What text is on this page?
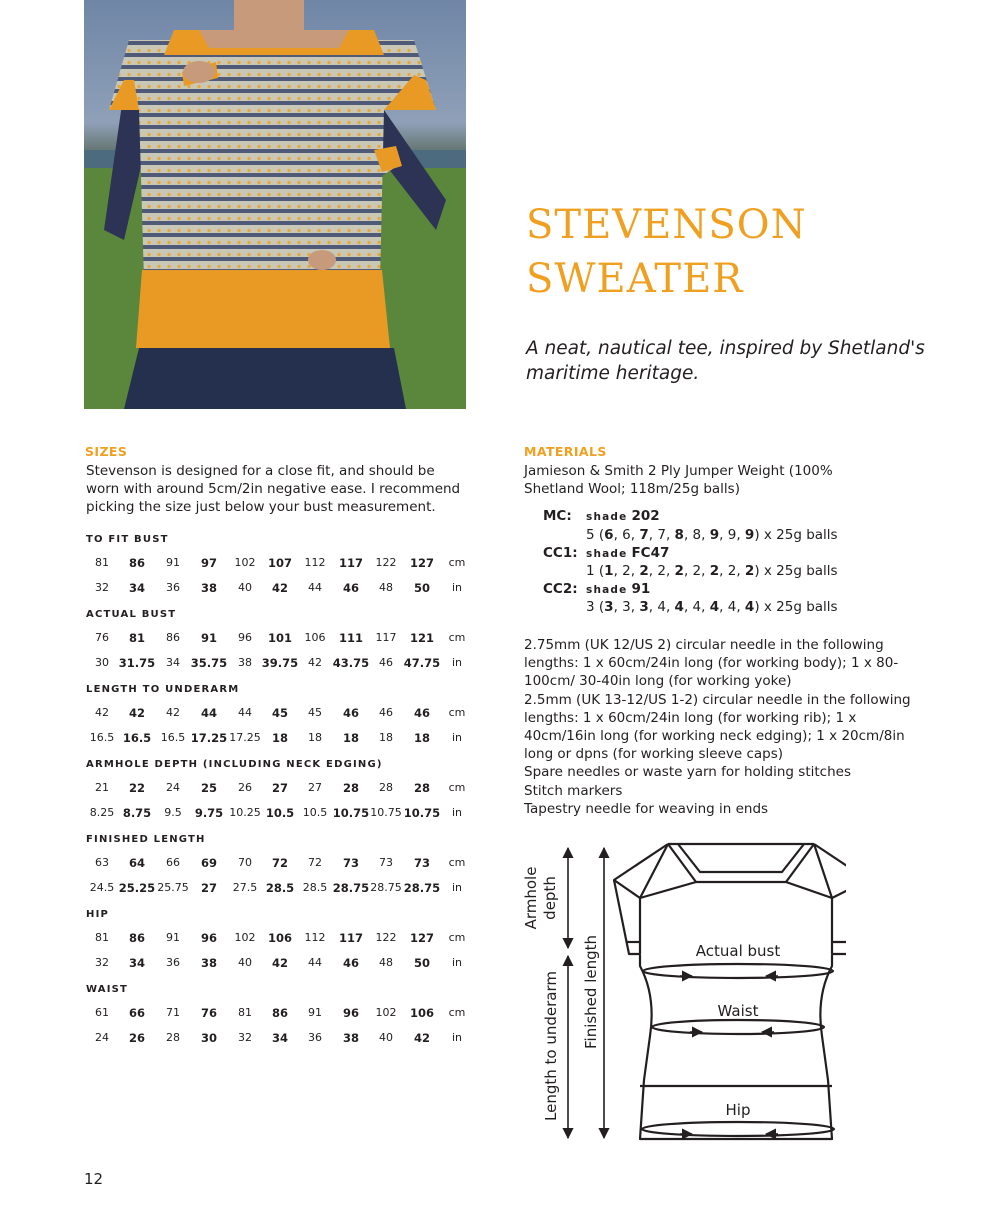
STEVENSON
SWEATER

A neat, nautical tee, inspired by Shetland's maritime heritage.

SIZES

Stevenson is designed for a close fit, and should be worn with around 5cm/2in negative ease. I recommend picking the size just below your bust measurement.

TO FIT BUST
81	86	91	97	102	107	112	117	122	127	cm
32	34	36	38	40	42	44	46	48	50	in
ACTUAL BUST
76	81	86	91	96	101	106	111	117	121	cm
30 31.75 34 35.75 38 39.75 42 43.75 46 47.75	in
LENGTH TO UNDERARM
42	42	42	44	44	45	45	46	46	46	cm
16.5 16.5 16.5 17.25 17.25 18	18	18	18	18	in
ARMHOLE DEPTH (INCLUDING NECK EDGING)
21	22	24	25	26	27	27	28	28	28	cm
8.25 8.75	9.5	9.75 10.25 10.5 10.5 10.75 10.75 10.75	in
FINISHED LENGTH
63	64	66	69	70	72	72	73	73	73	cm
24.5 25.25 25.75	27	27.5 28.5 28.5 28.75 28.75 28.75	in
HIP
81	86	91	96	102	106	112	117	122	127	cm
32	34	36	38	40	42	44	46	48	50	in
WAIST
61	66	71	76	81	86	91	96	102	106	cm
24	26	28	30	32	34	36	38	40	42	in
MATERIALS

Jamieson & Smith 2 Ply Jumper Weight (100% Shetland Wool; 118m/25g balls)

MC: shade 202
5 (6, 6, 7, 7, 8, 8, 9, 9, 9) x 25g balls
CC1: shade FC47
1 (1, 2, 2, 2, 2, 2, 2, 2, 2) x 25g balls
CC2: shade 91
3 (3, 3, 3, 4, 4, 4, 4, 4, 4) x 25g balls
2.75mm (UK 12/US 2) circular needle in the following lengths: 1 x 60cm/24in long (for working body); 1 x 80-100cm/ 30-40in long (for working yoke)
2.5mm (UK 13-12/US 1-2) circular needle in the following lengths: 1 x 60cm/24in long (for working rib); 1 x 40cm/16in long (for working neck edging); 1 x 20cm/8in long or dpns (for working sleeve caps)
Spare needles or waste yarn for holding stitches
Stitch markers
Tapestry needle for weaving in ends
Armhole depth
Length to underarm Finished length	Actual bust
Waist
Hip
12
